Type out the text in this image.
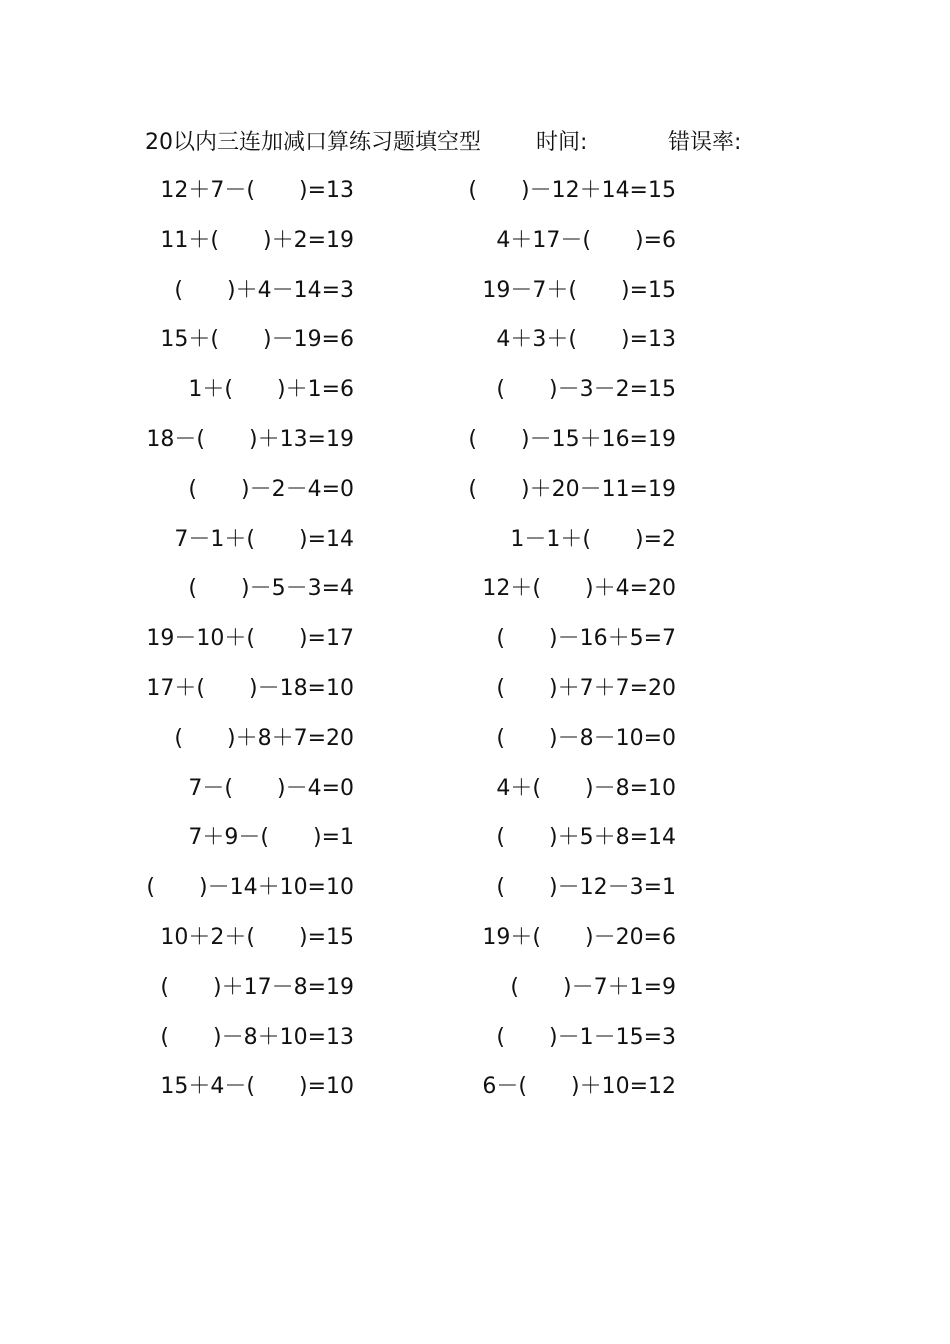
20以内三连加减口算练习题填空型	时间:	错误率:
12＋7－(　　)=13	(　　)－12＋14=15
11＋(　　)＋2=19	4＋17－(　　)=6
(　　)＋4－14=3	19－7＋(　　)=15
15＋(　　)－19=6	4＋3＋(　　)=13
1＋(　　)＋1=6	(　　)－3－2=15
18－(　　)＋13=19	(　　)－15＋16=19
(　　)－2－4=0	(　　)＋20－11=19
7－1＋(　　)=14	1－1＋(　　)=2
(　　)－5－3=4	12＋(　　)＋4=20
19－10＋(　　)=17	(　　)－16＋5=7
17＋(　　)－18=10	(　　)＋7＋7=20
(　　)＋8＋7=20	(　　)－8－10=0
7－(　　)－4=0	4＋(　　)－8=10
7＋9－(　　)=1	(　　)＋5＋8=14
(　　)－14＋10=10	(　　)－12－3=1
10＋2＋(　　)=15	19＋(　　)－20=6
(　　)＋17－8=19	(　　)－7＋1=9
(　　)－8＋10=13	(　　)－1－15=3
15＋4－(　　)=10	6－(　　)＋10=12
